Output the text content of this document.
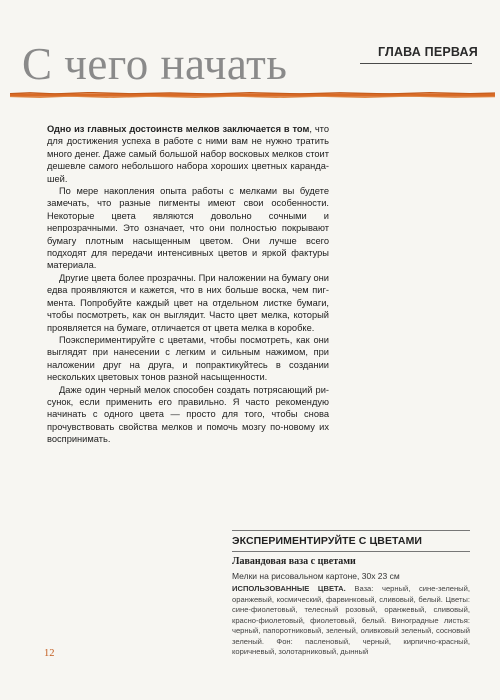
С чего начать	ГЛАВА ПЕРВАЯ

Одно из главных достоинств мелков заключается в том, что для достижения успеха в работе с ними вам не нужно тратить много денег. Даже самый большой набор восковых мелков стоит дешевле самого небольшого набора хороших цветных карандашей.

По мере накопления опыта работы с мелками вы будете замечать, что разные пигменты имеют свои особенности. Некоторые цвета являются довольно сочными и непрозрачными. Это означает, что они полностью покрывают бумагу плотным насыщенным цветом. Они лучше всего подходят для передачи интенсивных цветов и яркой фактуры материала.

Другие цвета более прозрачны. При наложении на бумагу они едва проявляются и кажется, что в них больше воска, чем пигмента. Попробуйте каждый цвет на отдельном листке бумаги, чтобы посмотреть, как он выглядит. Часто цвет мелка, который проявляется на бумаге, отличается от цвета мелка в коробке.

Поэкспериментируйте с цветами, чтобы посмотреть, как они выглядят при нанесении с легким и сильным нажимом, при наложении друг на друга, и попрактикуйтесь в создании нескольких цветовых тонов разной насыщенности.

Даже один черный мелок способен создать потрясающий рисунок, если применить его правильно. Я часто рекомендую начинать с одного цвета — просто для того, чтобы снова прочувствовать свойства мелков и помочь мозгу по-новому их воспринимать.

ЭКСПЕРИМЕНТИРУЙТЕ С ЦВЕТАМИ
Лавандовая ваза с цветами
Мелки на рисовальном картоне, 30х 23 см
ИСПОЛЬЗОВАННЫЕ ЦВЕТА. Ваза: черный, сине-зеленый, оранжевый, космический, фарвинковый, сливовый, белый. Цветы: сине-фиолетовый, телесный розовый, оранжевый, сливовый, красно-фиолетовый, фиолетовый, белый. Виноградные листья: черный, папоротниковый, зеленый, оливковый зеленый, сосновый зеленый. Фон: пасленовый, черный, кирпично-красный, коричневый, золотарниковый, дынный
12
